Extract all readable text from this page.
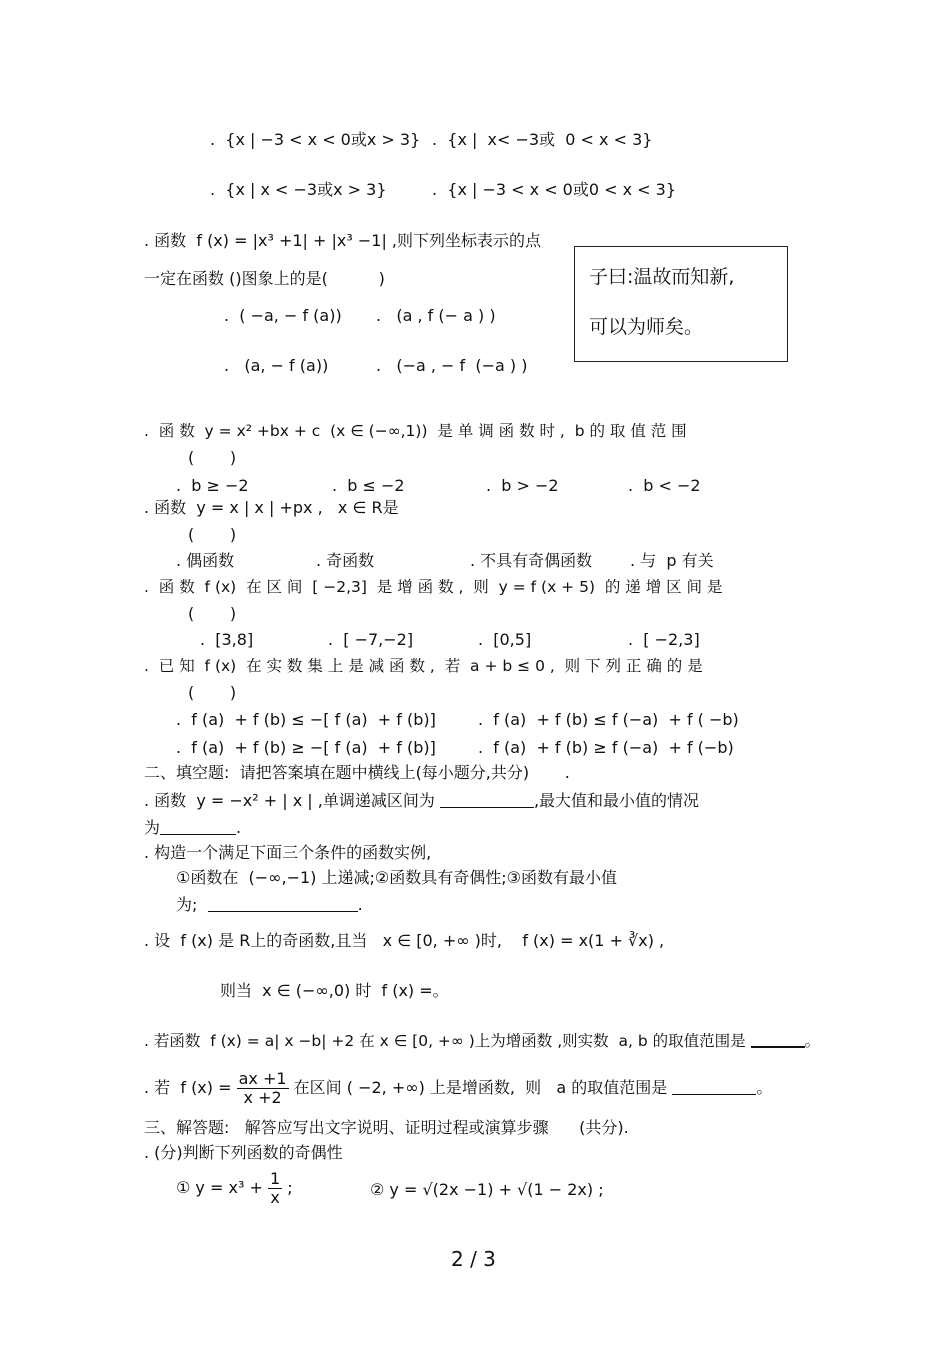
.  {x | −3 < x < 0或x > 3} .  {x |  x< −3或  0 < x < 3}
.  {x | x < −3或x > 3}	.  {x | −3 < x < 0或0 < x < 3}
. 函数  f (x) = |x³ +1| + |x³ −1| ,则下列坐标表示的点
一定在函数 ()图象上的是(          )
.  ( −a, − f (a)) .   (a , f (− a ) )
.   (a, − f (a))	.   (−a , − f  (−a ) )
子曰:温故而知新,
可以为师矣。
.  函 数  y = x² +bx + c  (x ∈ (−∞,1))  是 单 调 函 数 时 ,  b 的 取 值 范 围
(       )
.  b ≥ −2	.  b ≤ −2	.  b > −2	.  b < −2
. 函数  y = x | x | +px ,   x ∈ R是
(       )
. 偶函数	. 奇函数	. 不具有奇偶函数 . 与  p 有关
.  函 数  f (x)  在 区 间  [ −2,3]  是 增 函 数 ,  则  y = f (x + 5)  的 递 增 区 间 是
(       )
.  [3,8]	.  [ −7,−2]	.  [0,5]	.  [ −2,3]
.  已 知  f (x)  在 实 数 集 上 是 减 函 数 ,  若  a + b ≤ 0 ,  则 下 列 正 确 的 是
(       )
.  f (a)  + f (b) ≤ −[ f (a)  + f (b)]	.  f (a)  + f (b) ≤ f (−a)  + f ( −b)
.  f (a)  + f (b) ≥ −[ f (a)  + f (b)]	.  f (a)  + f (b) ≥ f (−a)  + f (−b)
二、填空题:  请把答案填在题中横线上(每小题分,共分)       .
. 函数  y = −x² + | x | ,单调递减区间为	,最大值和最小值的情况
为	.
. 构造一个满足下面三个条件的函数实例,
①函数在  (−∞,−1) 上递减;②函数具有奇偶性;③函数有最小值
为;	.
. 设  f (x) 是 R上的奇函数,且当   x ∈ [0, +∞ )时,    f (x) = x(1 + ∛x) ,
则当  x ∈ (−∞,0) 时  f (x) =。
. 若函数  f (x) = a| x −b| +2 在 x ∈ [0, +∞ )上为增函数 ,则实数  a, b 的取值范围是	。
. 若  f $(x) = \frac{ax +1}{x +2}$ 在区间 ( −2, +∞) 上是增函数,  则   a 的取值范围是	。
三、解答题:   解答应写出文字说明、证明过程或演算步骤      (共分).
. (分)判断下列函数的奇偶性
① $y = x^3 + \frac{1}{x}$ ;	② y = √(2x −1) + √(1 − 2x) ;
2 / 3
